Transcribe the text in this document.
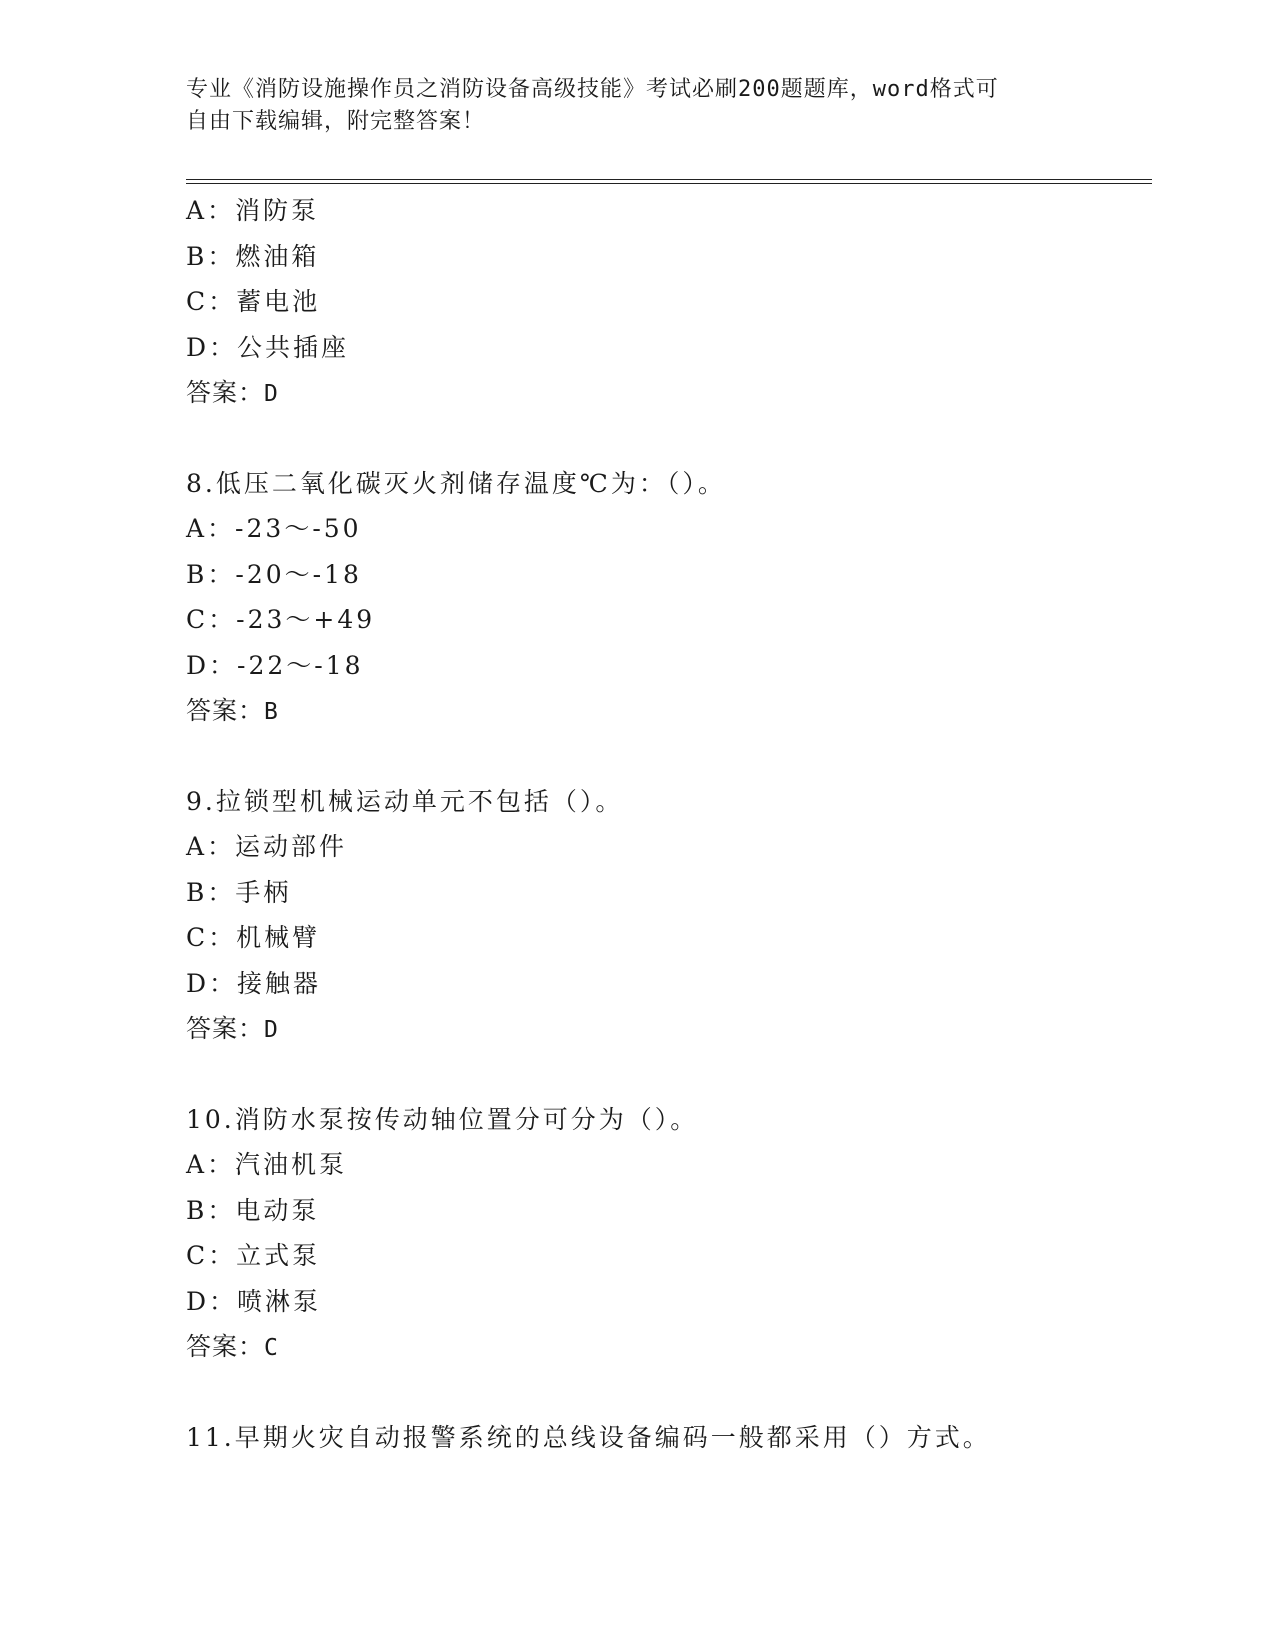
专业《消防设施操作员之消防设备高级技能》考试必刷200题题库，word格式可
自由下载编辑，附完整答案！
A：消防泵
B：燃油箱
C：蓄电池
D：公共插座
答案：D
8.低压二氧化碳灭火剂储存温度℃为：（）。
A：-23～-50
B：-20～-18
C：-23～+49
D：-22～-18
答案：B
9.拉锁型机械运动单元不包括（）。
A：运动部件
B：手柄
C：机械臂
D：接触器
答案：D
10.消防水泵按传动轴位置分可分为（）。
A：汽油机泵
B：电动泵
C：立式泵
D：喷淋泵
答案：C
11.早期火灾自动报警系统的总线设备编码一般都采用（）方式。
